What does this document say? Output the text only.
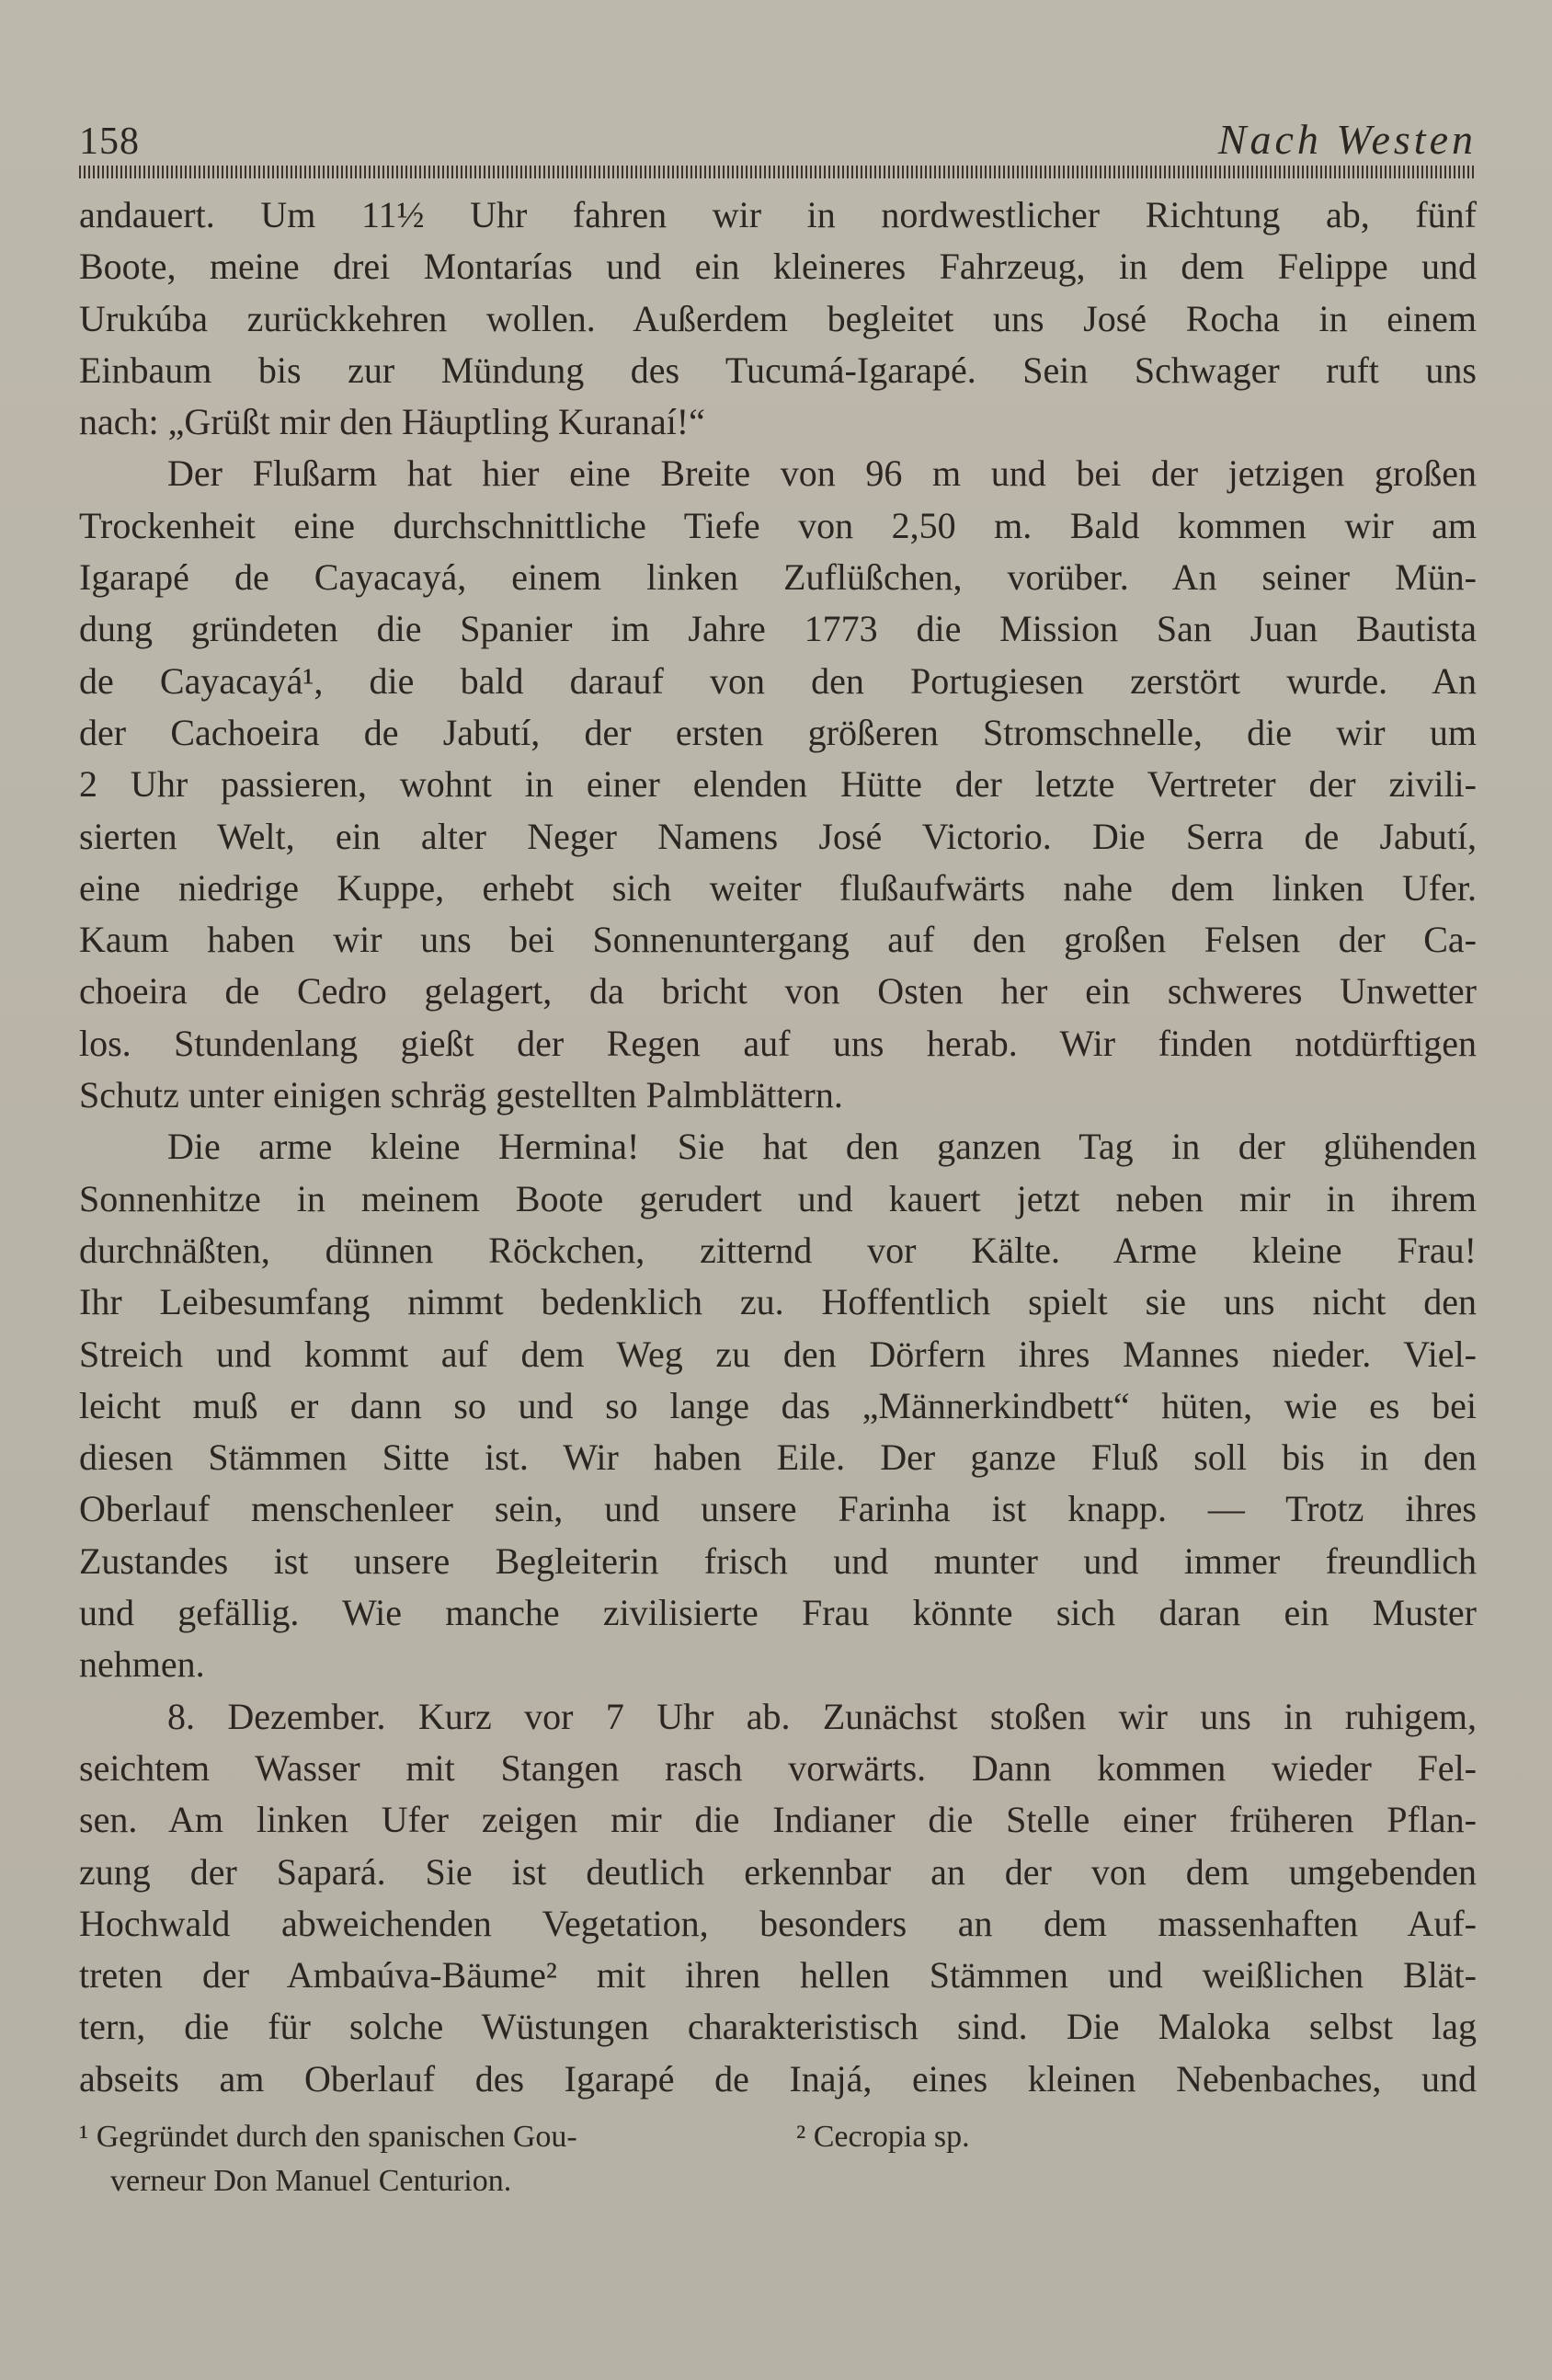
158	Nach Westen
andauert. Um 11½ Uhr fahren wir in nordwestlicher Richtung ab, fünf
Boote, meine drei Montarías und ein kleineres Fahrzeug, in dem Felippe und
Urukúba zurückkehren wollen. Außerdem begleitet uns José Rocha in einem
Einbaum bis zur Mündung des Tucumá-Igarapé. Sein Schwager ruft uns
nach: „Grüßt mir den Häuptling Kuranaí!“
Der Flußarm hat hier eine Breite von 96 m und bei der jetzigen großen
Trockenheit eine durchschnittliche Tiefe von 2,50 m. Bald kommen wir am
Igarapé de Cayacayá, einem linken Zuflüßchen, vorüber. An seiner Mün-
dung gründeten die Spanier im Jahre 1773 die Mission San Juan Bautista
de Cayacayá¹, die bald darauf von den Portugiesen zerstört wurde. An
der Cachoeira de Jabutí, der ersten größeren Stromschnelle, die wir um
2 Uhr passieren, wohnt in einer elenden Hütte der letzte Vertreter der zivili-
sierten Welt, ein alter Neger Namens José Victorio. Die Serra de Jabutí,
eine niedrige Kuppe, erhebt sich weiter flußaufwärts nahe dem linken Ufer.
Kaum haben wir uns bei Sonnenuntergang auf den großen Felsen der Ca-
choeira de Cedro gelagert, da bricht von Osten her ein schweres Unwetter
los. Stundenlang gießt der Regen auf uns herab. Wir finden notdürftigen
Schutz unter einigen schräg gestellten Palmblättern.
Die arme kleine Hermina! Sie hat den ganzen Tag in der glühenden
Sonnenhitze in meinem Boote gerudert und kauert jetzt neben mir in ihrem
durchnäßten, dünnen Röckchen, zitternd vor Kälte. Arme kleine Frau!
Ihr Leibesumfang nimmt bedenklich zu. Hoffentlich spielt sie uns nicht den
Streich und kommt auf dem Weg zu den Dörfern ihres Mannes nieder. Viel-
leicht muß er dann so und so lange das „Männerkindbett“ hüten, wie es bei
diesen Stämmen Sitte ist. Wir haben Eile. Der ganze Fluß soll bis in den
Oberlauf menschenleer sein, und unsere Farinha ist knapp. — Trotz ihres
Zustandes ist unsere Begleiterin frisch und munter und immer freundlich
und gefällig. Wie manche zivilisierte Frau könnte sich daran ein Muster
nehmen.
8. Dezember. Kurz vor 7 Uhr ab. Zunächst stoßen wir uns in ruhigem,
seichtem Wasser mit Stangen rasch vorwärts. Dann kommen wieder Fel-
sen. Am linken Ufer zeigen mir die Indianer die Stelle einer früheren Pflan-
zung der Sapará. Sie ist deutlich erkennbar an der von dem umgebenden
Hochwald abweichenden Vegetation, besonders an dem massenhaften Auf-
treten der Ambaúva-Bäume² mit ihren hellen Stämmen und weißlichen Blät-
tern, die für solche Wüstungen charakteristisch sind. Die Maloka selbst lag
abseits am Oberlauf des Igarapé de Inajá, eines kleinen Nebenbaches, und
¹ Gegründet durch den spanischen Gou-
verneur Don Manuel Centurion.
² Cecropia sp.
